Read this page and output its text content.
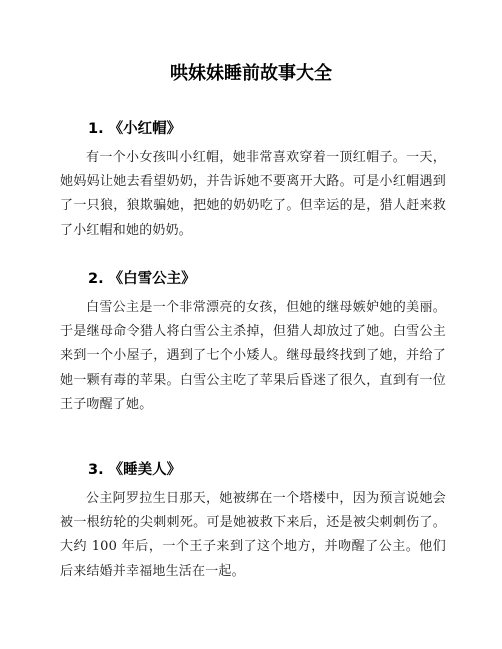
哄妹妹睡前故事大全
1. 《小红帽》

有一个小女孩叫小红帽，她非常喜欢穿着一顶红帽子。一天，她妈妈让她去看望奶奶，并告诉她不要离开大路。可是小红帽遇到了一只狼，狼欺骗她，把她的奶奶吃了。但幸运的是，猎人赶来救了小红帽和她的奶奶。

2. 《白雪公主》

白雪公主是一个非常漂亮的女孩，但她的继母嫉妒她的美丽。于是继母命令猎人将白雪公主杀掉，但猎人却放过了她。白雪公主来到一个小屋子，遇到了七个小矮人。继母最终找到了她，并给了她一颗有毒的苹果。白雪公主吃了苹果后昏迷了很久，直到有一位王子吻醒了她。

3. 《睡美人》

公主阿罗拉生日那天，她被绑在一个塔楼中，因为预言说她会被一根纺轮的尖刺刺死。可是她被救下来后，还是被尖刺刺伤了。大约 100 年后，一个王子来到了这个地方，并吻醒了公主。他们后来结婚并幸福地生活在一起。
